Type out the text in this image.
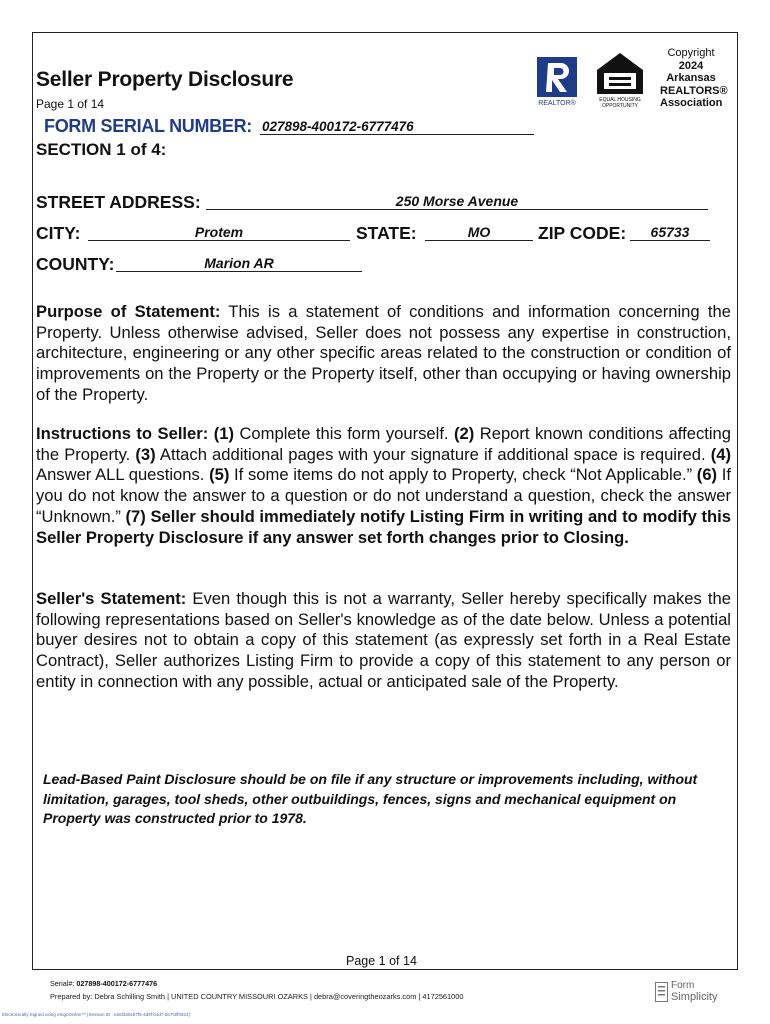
Seller Property Disclosure
Page 1 of 14	REALTOR®	EQUAL HOUSING
OPPORTUNITY
Copyright
2024
Arkansas
REALTORS®
Association
FORM SERIAL NUMBER: 027898-400172-6777476
SECTION 1 of 4:
STREET ADDRESS:	250 Morse Avenue
CITY:	Protem	STATE:	MO	ZIP CODE:	65733
COUNTY:	Marion AR
Purpose of Statement: This is a statement of conditions and information concerning the Property. Unless otherwise advised, Seller does not possess any expertise in construction, architecture, engineering or any other specific areas related to the construction or condition of improvements on the Property or the Property itself, other than occupying or having ownership of the Property.
Instructions to Seller: (1) Complete this form yourself. (2) Report known conditions affecting the Property. (3) Attach additional pages with your signature if additional space is required. (4) Answer ALL questions. (5) If some items do not apply to Property, check “Not Applicable.” (6) If you do not know the answer to a question or do not understand a question, check the answer “Unknown.” (7) Seller should immediately notify Listing Firm in writing and to modify this Seller Property Disclosure if any answer set forth changes prior to Closing.
Seller's Statement: Even though this is not a warranty, Seller hereby specifically makes the following representations based on Seller's knowledge as of the date below. Unless a potential buyer desires not to obtain a copy of this statement (as expressly set forth in a Real Estate Contract), Seller authorizes Listing Firm to provide a copy of this statement to any person or entity in connection with any possible, actual or anticipated sale of the Property.
Lead-Based Paint Disclosure should be on file if any structure or improvements including, without limitation, garages, tool sheds, other outbuildings, fences, signs and mechanical equipment on Property was constructed prior to 1978.
Page 1 of 14
Serial#: 027898-400172-6777476
Prepared by: Debra Schilling Smith | UNITED COUNTRY MISSOURI OZARKS | debra@coveringtheozarks.com | 4172561000
Electronically Signed using eSignOnline™ [Session ID : ea6f3a0eb7f5-4d9f-b4d7-bb7f4ff0924]
Form
Simplicity
